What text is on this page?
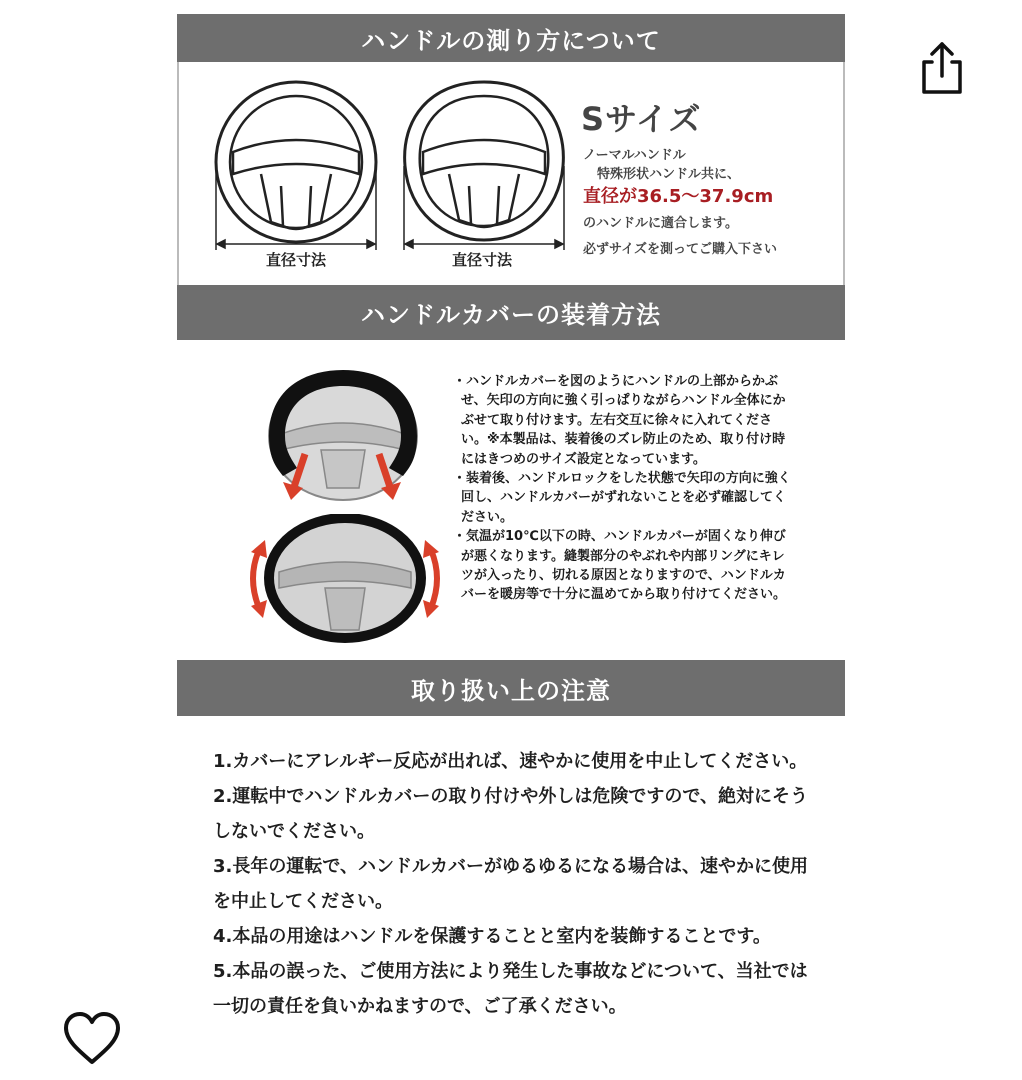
ハンドルの測り方について
直径寸法	直径寸法
Sサイズ
ノーマルハンドル
特殊形状ハンドル共に、
直径が36.5～37.9cm
のハンドルに適合します。
必ずサイズを測ってご購入下さい
ハンドルカバーの装着方法

・ハンドルカバーを図のようにハンドルの上部からかぶせ、矢印の方向に強く引っぱりながらハンドル全体にかぶせて取り付けます。左右交互に徐々に入れてください。※本製品は、装着後のズレ防止のため、取り付け時にはきつめのサイズ設定となっています。

・装着後、ハンドルロックをした状態で矢印の方向に強く回し、ハンドルカバーがずれないことを必ず確認してください。

・気温が10℃以下の時、ハンドルカバーが固くなり伸びが悪くなります。縫製部分のやぶれや内部リングにキレツが入ったり、切れる原因となりますので、ハンドルカバーを暖房等で十分に温めてから取り付けてください。

取り扱い上の注意

1.カバーにアレルギー反応が出れば、速やかに使用を中止してください。

2.運転中でハンドルカバーの取り付けや外しは危険ですので、絶対にそうしないでください。

3.長年の運転で、ハンドルカバーがゆるゆるになる場合は、速やかに使用を中止してください。

4.本品の用途はハンドルを保護することと室内を装飾することです。

5.本品の誤った、ご使用方法により発生した事故などについて、当社では一切の責任を負いかねますので、ご了承ください。
